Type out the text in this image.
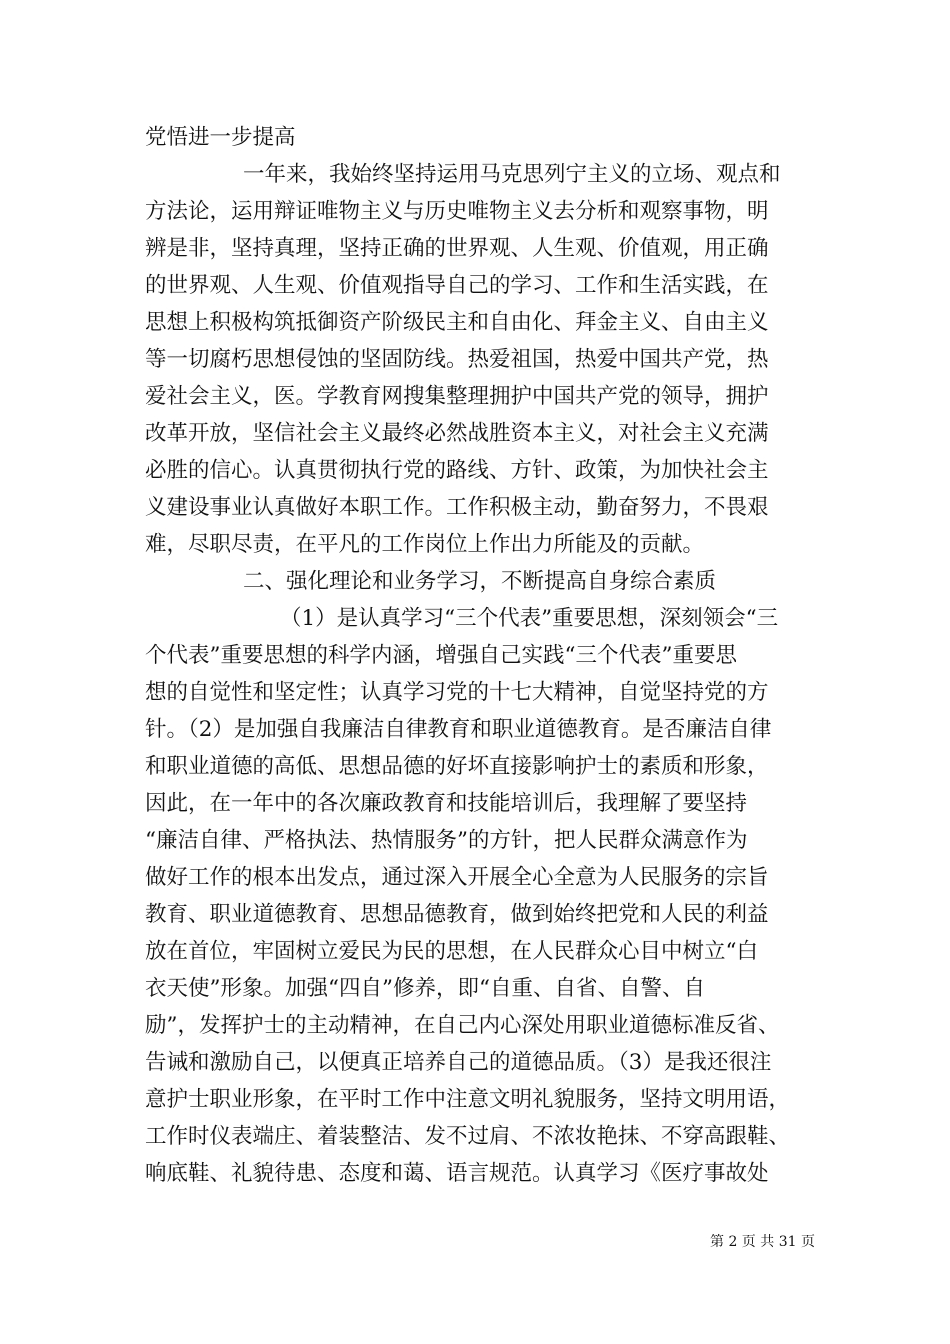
党悟进一步提高
一年来，我始终坚持运用马克思列宁主义的立场、观点和
方法论，运用辩证唯物主义与历史唯物主义去分析和观察事物，明
辨是非，坚持真理，坚持正确的世界观、人生观、价值观，用正确
的世界观、人生观、价值观指导自己的学习、工作和生活实践，在
思想上积极构筑抵御资产阶级民主和自由化、拜金主义、自由主义
等一切腐朽思想侵蚀的坚固防线。热爱祖国，热爱中国共产党，热
爱社会主义，医。学教育网搜集整理拥护中国共产党的领导，拥护
改革开放，坚信社会主义最终必然战胜资本主义，对社会主义充满
必胜的信心。认真贯彻执行党的路线、方针、政策，为加快社会主
义建设事业认真做好本职工作。工作积极主动，勤奋努力，不畏艰
难，尽职尽责，在平凡的工作岗位上作出力所能及的贡献。
二、强化理论和业务学习，不断提高自身综合素质
（1）是认真学习“三个代表”重要思想，深刻领会“三
个代表”重要思想的科学内涵，增强自己实践“三个代表”重要思
想的自觉性和坚定性；认真学习党的十七大精神，自觉坚持党的方
针。（2）是加强自我廉洁自律教育和职业道德教育。是否廉洁自律
和职业道德的高低、思想品德的好坏直接影响护士的素质和形象，
因此，在一年中的各次廉政教育和技能培训后，我理解了要坚持
“廉洁自律、严格执法、热情服务”的方针，把人民群众满意作为
做好工作的根本出发点，通过深入开展全心全意为人民服务的宗旨
教育、职业道德教育、思想品德教育，做到始终把党和人民的利益
放在首位，牢固树立爱民为民的思想，在人民群众心目中树立“白
衣天使”形象。加强“四自”修养，即“自重、自省、自警、自
励”，发挥护士的主动精神，在自己内心深处用职业道德标准反省、
告诫和激励自己，以便真正培养自己的道德品质。（3）是我还很注
意护士职业形象，在平时工作中注意文明礼貌服务，坚持文明用语，
工作时仪表端庄、着装整洁、发不过肩、不浓妆艳抹、不穿高跟鞋、
响底鞋、礼貌待患、态度和蔼、语言规范。认真学习《医疗事故处
第 2 页 共 31 页
